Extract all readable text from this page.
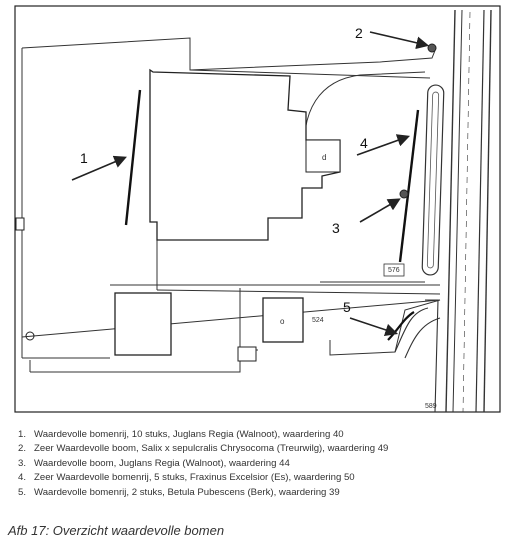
1
2
3
4
5
576
524
589
d
o
1. Waardevolle bomenrij, 10 stuks, Juglans Regia (Walnoot), waardering 40
2. Zeer Waardevolle boom, Salix x sepulcralis Chrysocoma (Treurwilg), waardering 49
3. Waardevolle boom, Juglans Regia (Walnoot), waardering 44
4. Zeer Waardevolle bomenrij, 5 stuks, Fraxinus Excelsior (Es), waardering 50
5. Waardevolle bomenrij, 2 stuks, Betula Pubescens (Berk), waardering 39
Afb 17: Overzicht waardevolle bomen
